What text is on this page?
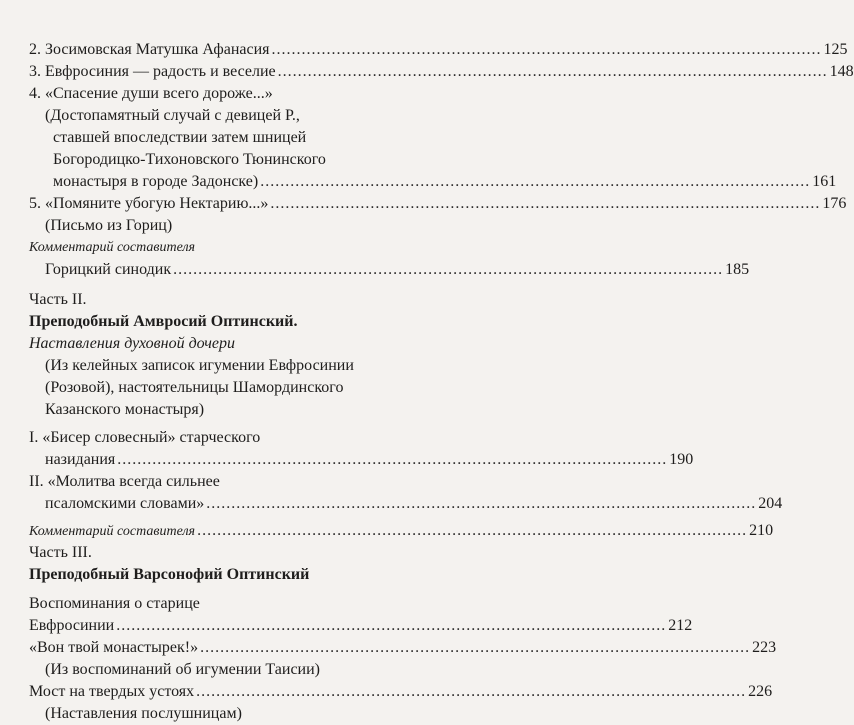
2. Зосимовская Матушка Афанасия .............................................................................................................. 125
3. Евфросиния — радость и веселие .............................................................................................................. 148
4. «Спасение души всего дороже...»
(Достопамятный случай с девицей Р.,
ставшей впоследствии затем шницей
Богородицко-Тихоновского Тюнинского
монастыря в городе Задонске) .............................................................................................................. 161
5. «Помяните убогую Нектарию...» .............................................................................................................. 176
(Письмо из Гориц)
Комментарий составителя
Горицкий синодик .............................................................................................................. 185
Часть II.
Преподобный Амвросий Оптинский.
Наставления духовной дочери
(Из келейных записок игумении Евфросинии
(Розовой), настоятельницы Шамординского
Казанского монастыря)
I. «Бисер словесный» старческого
назидания .............................................................................................................. 190
II. «Молитва всегда сильнее
псаломскими словами» .............................................................................................................. 204
Комментарий составителя .............................................................................................................. 210
Часть III.
Преподобный Варсонофий Оптинский
Воспоминания о старице
Евфросинии .............................................................................................................. 212
«Вон твой монастырек!» .............................................................................................................. 223
(Из воспоминаний об игумении Таисии)
Мост на твердых устоях .............................................................................................................. 226
(Наставления послушницам)
